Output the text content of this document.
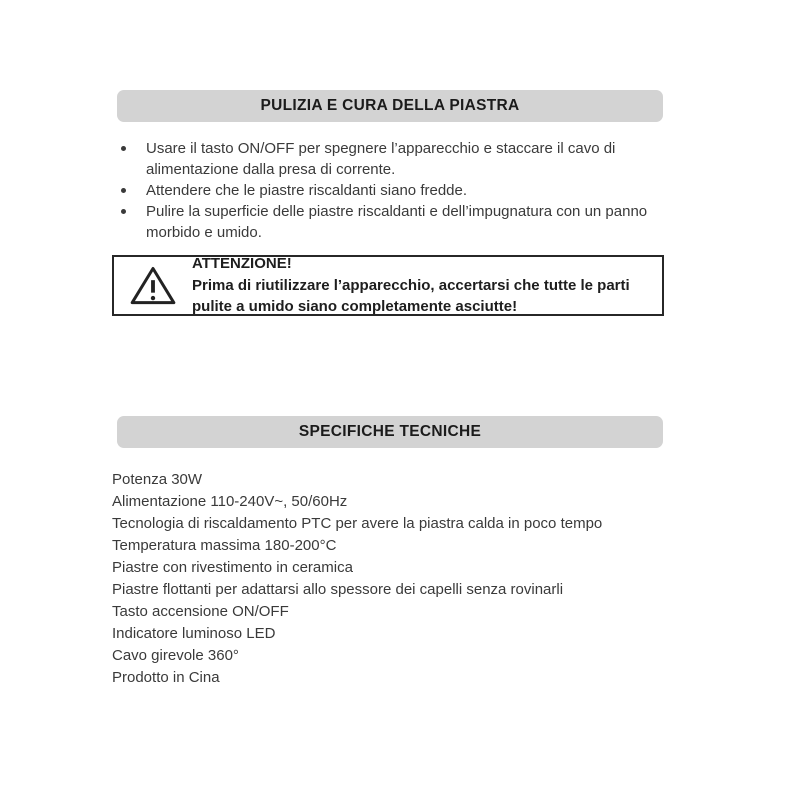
PULIZIA E CURA DELLA PIASTRA
Usare il tasto ON/OFF per spegnere l’apparecchio e staccare il cavo di alimentazione dalla presa di corrente.
Attendere che le piastre riscaldanti siano fredde.
Pulire la superficie delle piastre riscaldanti e dell’impugnatura con un panno morbido e umido.
ATTENZIONE!
Prima di riutilizzare l’apparecchio, accertarsi che tutte le parti pulite a umido siano completamente asciutte!
SPECIFICHE TECNICHE
Potenza 30W
Alimentazione 110-240V~, 50/60Hz
Tecnologia di riscaldamento PTC per avere la piastra calda in poco tempo
Temperatura massima 180-200°C
Piastre con rivestimento in ceramica
Piastre flottanti per adattarsi allo spessore dei capelli senza rovinarli
Tasto accensione ON/OFF
Indicatore luminoso LED
Cavo girevole 360°
Prodotto in Cina
